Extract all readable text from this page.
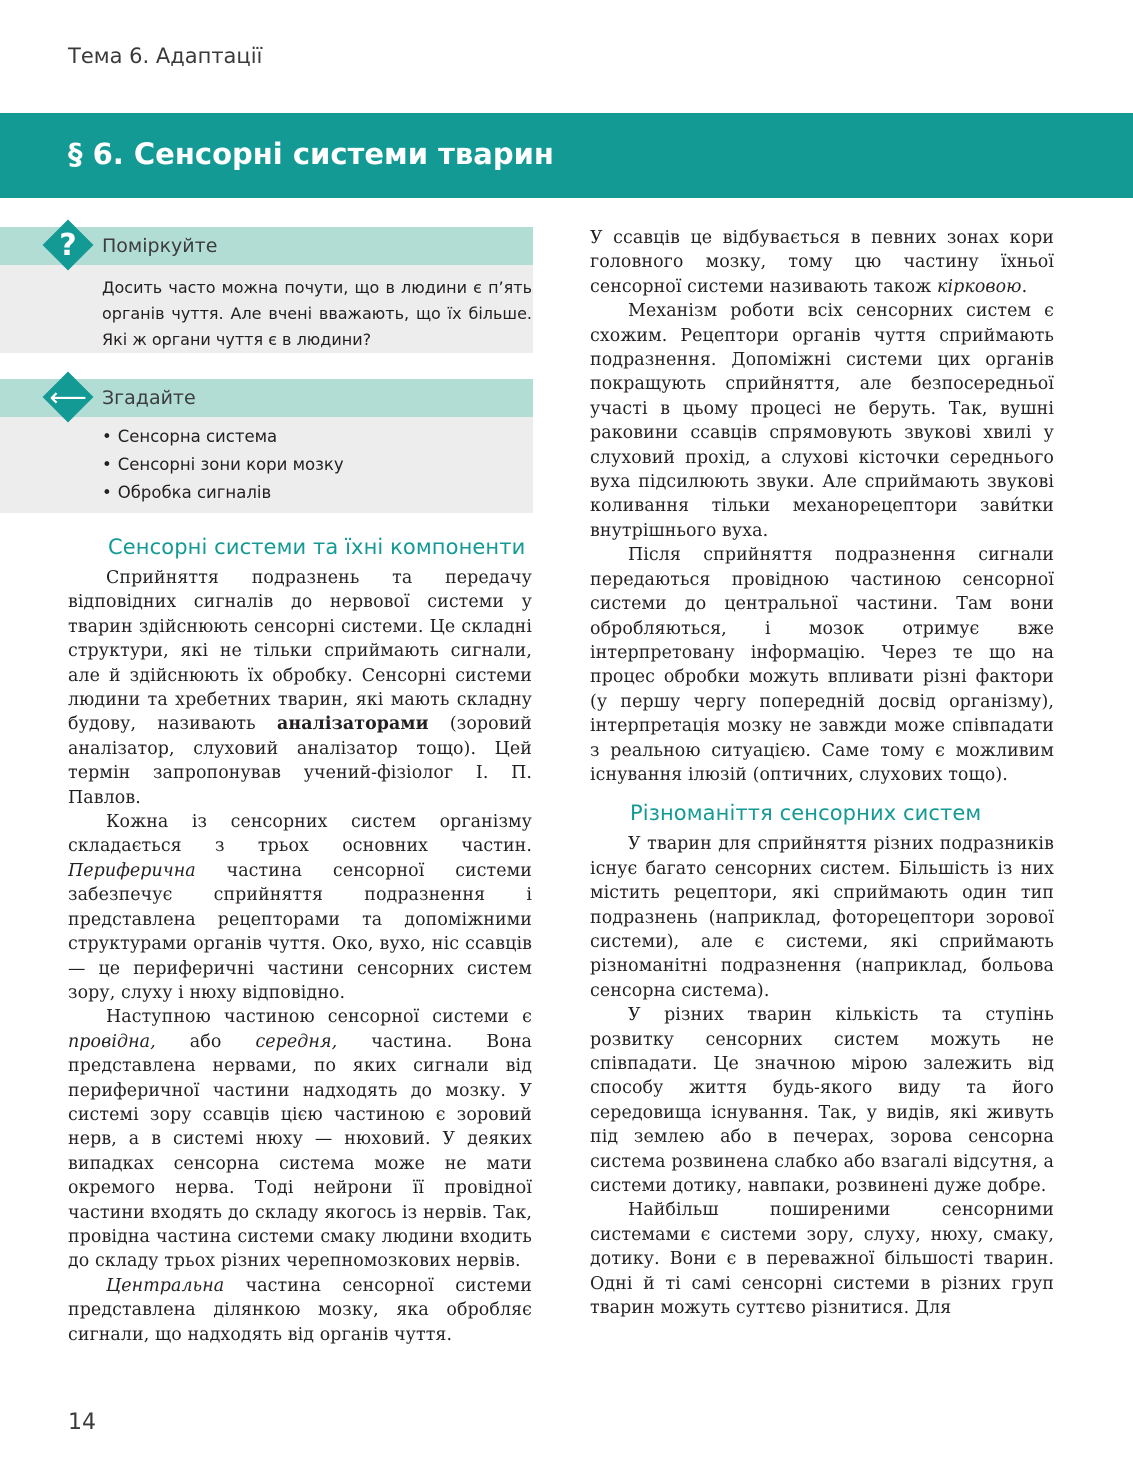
Тема 6. Адаптації
§ 6. Сенсорні системи тварин
?	Поміркуйте
Досить часто можна почути, що в людини є п’ять органів чуття. Але вчені вважають, що їх більше. Які ж органи чуття є в людини?
⟵ Згадайте
• Сенсорна система
• Сенсорні зони кори мозку
• Обробка сигналів
Сенсорні системи та їхні компоненти

Сприйняття подразнень та передачу відповідних сигналів до нервової системи у тварин здійснюють сенсорні системи. Це складні структури, які не тільки сприймають сигнали, але й здійснюють їх обробку. Сенсорні системи людини та хребетних тварин, які мають складну будову, називають аналізаторами (зоровий аналізатор, слуховий аналізатор тощо). Цей термін запропонував учений-фізіолог І. П. Павлов.

Кожна із сенсорних систем організму складається з трьох основних частин. Периферична частина сенсорної системи забезпечує сприйняття подразнення і представлена рецепторами та допоміжними структурами органів чуття. Око, вухо, ніс ссавців — це периферичні частини сенсорних систем зору, слуху і нюху відповідно.

Наступною частиною сенсорної системи є провідна, або середня, частина. Вона представлена нервами, по яких сигнали від периферичної частини надходять до мозку. У системі зору ссавців цією частиною є зоровий нерв, а в системі нюху — нюховий. У деяких випадках сенсорна система може не мати окремого нерва. Тоді нейрони її провідної частини входять до складу якогось із нервів. Так, провідна частина системи смаку людини входить до складу трьох різних черепномозкових нервів.

Центральна частина сенсорної системи представлена ділянкою мозку, яка обробляє сигнали, що надходять від органів чуття.

У ссавців це відбувається в певних зонах кори головного мозку, тому цю частину їхньої сенсорної системи називають також кірковою.

Механізм роботи всіх сенсорних систем є схожим. Рецептори органів чуття сприймають подразнення. Допоміжні системи цих органів покращують сприйняття, але безпосередньої участі в цьому процесі не беруть. Так, вушні раковини ссавців спрямовують звукові хвилі у слуховий прохід, а слухові кісточки середнього вуха підсилюють звуки. Але сприймають звукові коливання тільки механорецептори зави́тки внутрішнього вуха.

Після сприйняття подразнення сигнали передаються провідною частиною сенсорної системи до центральної частини. Там вони обробляються, і мозок отримує вже інтерпретовану інформацію. Через те що на процес обробки можуть впливати різні фактори (у першу чергу попередній досвід організму), інтерпретація мозку не завжди може співпадати з реальною ситуацією. Саме тому є можливим існування ілюзій (оптичних, слухових тощо).

Різноманіття сенсорних систем

У тварин для сприйняття різних подразників існує багато сенсорних систем. Більшість із них містить рецептори, які сприймають один тип подразнень (наприклад, фоторецептори зорової системи), але є системи, які сприймають різноманітні подразнення (наприклад, больова сенсорна система).

У різних тварин кількість та ступінь розвитку сенсорних систем можуть не співпадати. Це значною мірою залежить від способу життя будь-якого виду та його середовища існування. Так, у видів, які живуть під землею або в печерах, зорова сенсорна система розвинена слабко або взагалі відсутня, а системи дотику, навпаки, розвинені дуже добре.

Найбільш поширеними сенсорними системами є системи зору, слуху, нюху, смаку, дотику. Вони є в переважної більшості тварин. Одні й ті самі сенсорні системи в різних груп тварин можуть суттєво різнитися. Для

14
